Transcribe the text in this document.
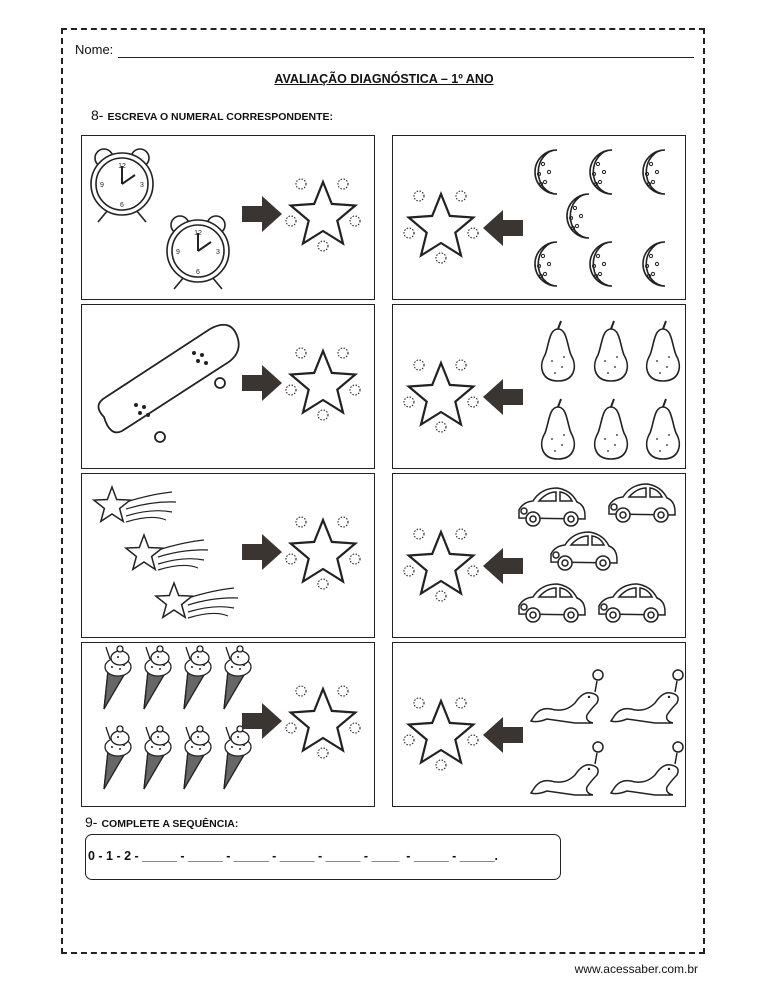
Nome:
AVALIAÇÃO DIAGNÓSTICA – 1º ANO
8- ESCREVA O NUMERAL CORRESPONDENTE:
12
3
6
9
12
3
6
9
9- COMPLETE A SEQUÊNCIA:
0 - 1 - 2 - _____ - _____ - _____ - _____ - _____ - ____  - _____ - _____.
www.acessaber.com.br
